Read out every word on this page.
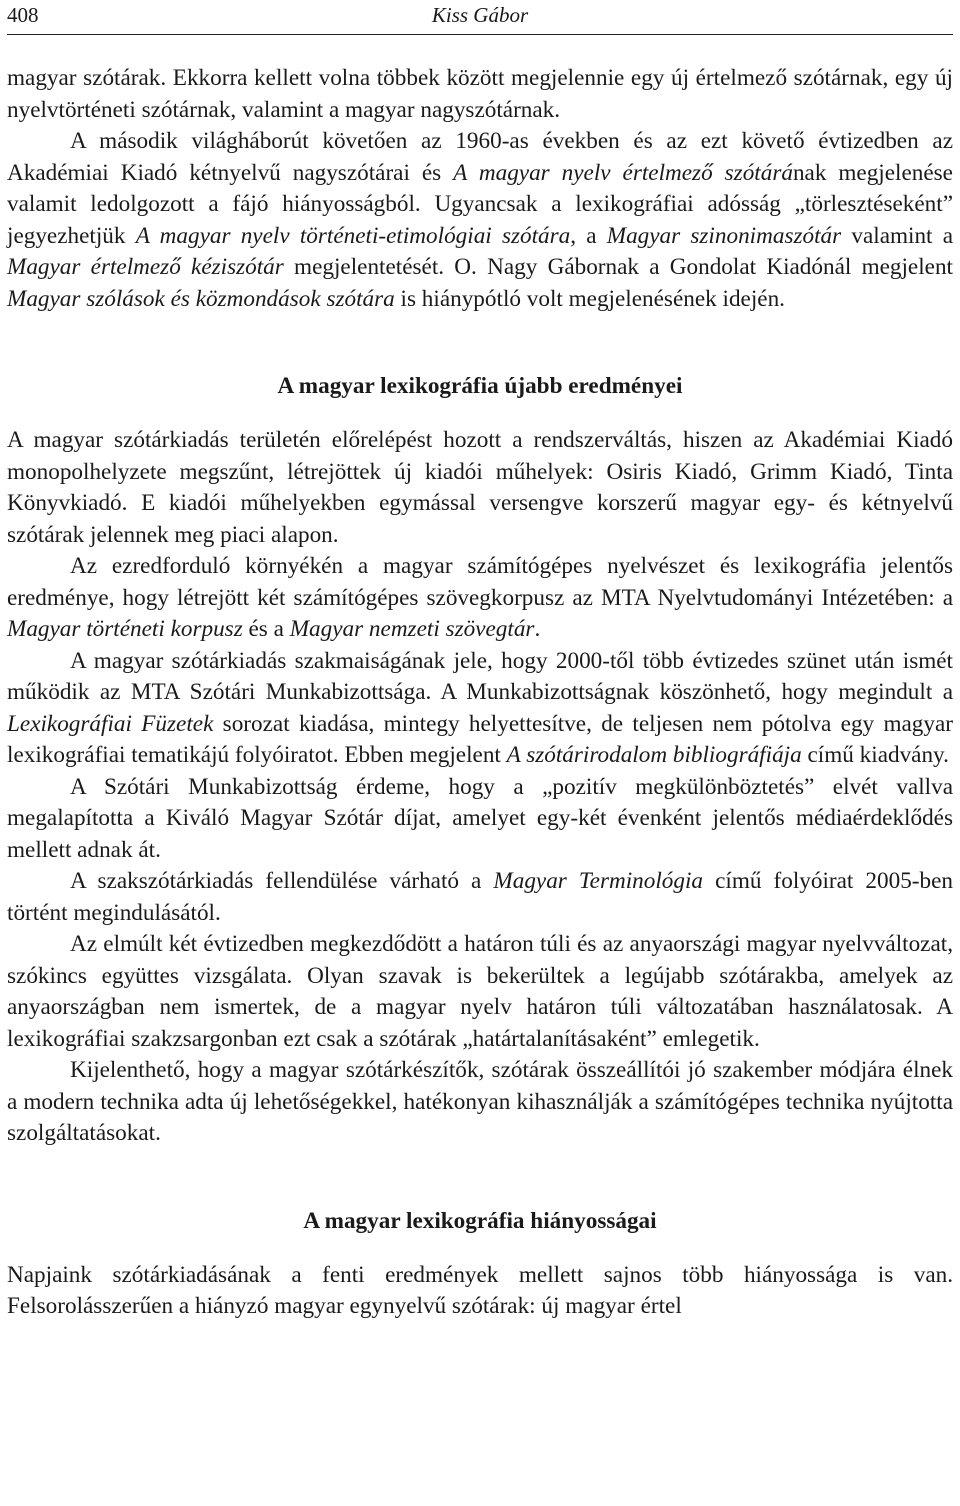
408	Kiss Gábor

magyar szótárak. Ekkorra kellett volna többek között megjelennie egy új értelmező szótárnak, egy új nyelvtörténeti szótárnak, valamint a magyar nagyszótárnak.

A második világháborút követően az 1960-as években és az ezt követő évtizedben az Akadémiai Kiadó kétnyelvű nagyszótárai és A magyar nyelv értelmező szótárának megjelenése valamit ledolgozott a fájó hiányosságból. Ugyancsak a lexikográfiai adósság „törlesztéseként” jegyezhetjük A magyar nyelv történeti-etimológiai szótára, a Magyar szinonimaszótár valamint a Magyar értelmező kéziszótár megjelentetését. O. Nagy Gábornak a Gondolat Kiadónál megjelent Magyar szólások és közmondások szótára is hiánypótló volt megjelenésének idején.

A magyar lexikográfia újabb eredményei

A magyar szótárkiadás területén előrelépést hozott a rendszerváltás, hiszen az Akadémiai Kiadó monopolhelyzete megszűnt, létrejöttek új kiadói műhelyek: Osiris Kiadó, Grimm Kiadó, Tinta Könyvkiadó. E kiadói műhelyekben egymással versengve korszerű magyar egy- és kétnyelvű szótárak jelennek meg piaci alapon.

Az ezredforduló környékén a magyar számítógépes nyelvészet és lexikográfia jelentős eredménye, hogy létrejött két számítógépes szövegkorpusz az MTA Nyelvtudományi Intézetében: a Magyar történeti korpusz és a Magyar nemzeti szövegtár.

A magyar szótárkiadás szakmaiságának jele, hogy 2000-től több évtizedes szünet után ismét működik az MTA Szótári Munkabizottsága. A Munkabizottságnak köszönhető, hogy megindult a Lexikográfiai Füzetek sorozat kiadása, mintegy helyettesítve, de teljesen nem pótolva egy magyar lexikográfiai tematikájú folyóiratot. Ebben megjelent A szótárirodalom bibliográfiája című kiadvány.

A Szótári Munkabizottság érdeme, hogy a „pozitív megkülönböztetés” elvét vallva megalapította a Kiváló Magyar Szótár díjat, amelyet egy-két évenként jelentős médiaérdeklődés mellett adnak át.

A szakszótárkiadás fellendülése várható a Magyar Terminológia című folyóirat 2005-ben történt megindulásától.

Az elmúlt két évtizedben megkezdődött a határon túli és az anyaországi magyar nyelvváltozat, szókincs együttes vizsgálata. Olyan szavak is bekerültek a legújabb szótárakba, amelyek az anyaországban nem ismertek, de a magyar nyelv határon túli változatában használatosak. A lexikográfiai szakzsargonban ezt csak a szótárak „határtalanításaként” emlegetik.

Kijelenthető, hogy a magyar szótárkészítők, szótárak összeállítói jó szakember módjára élnek a modern technika adta új lehetőségekkel, hatékonyan kihasználják a számítógépes technika nyújtotta szolgáltatásokat.

A magyar lexikográfia hiányosságai

Napjaink szótárkiadásának a fenti eredmények mellett sajnos több hiányossága is van. Felsorolásszerűen a hiányzó magyar egynyelvű szótárak: új magyar értel
